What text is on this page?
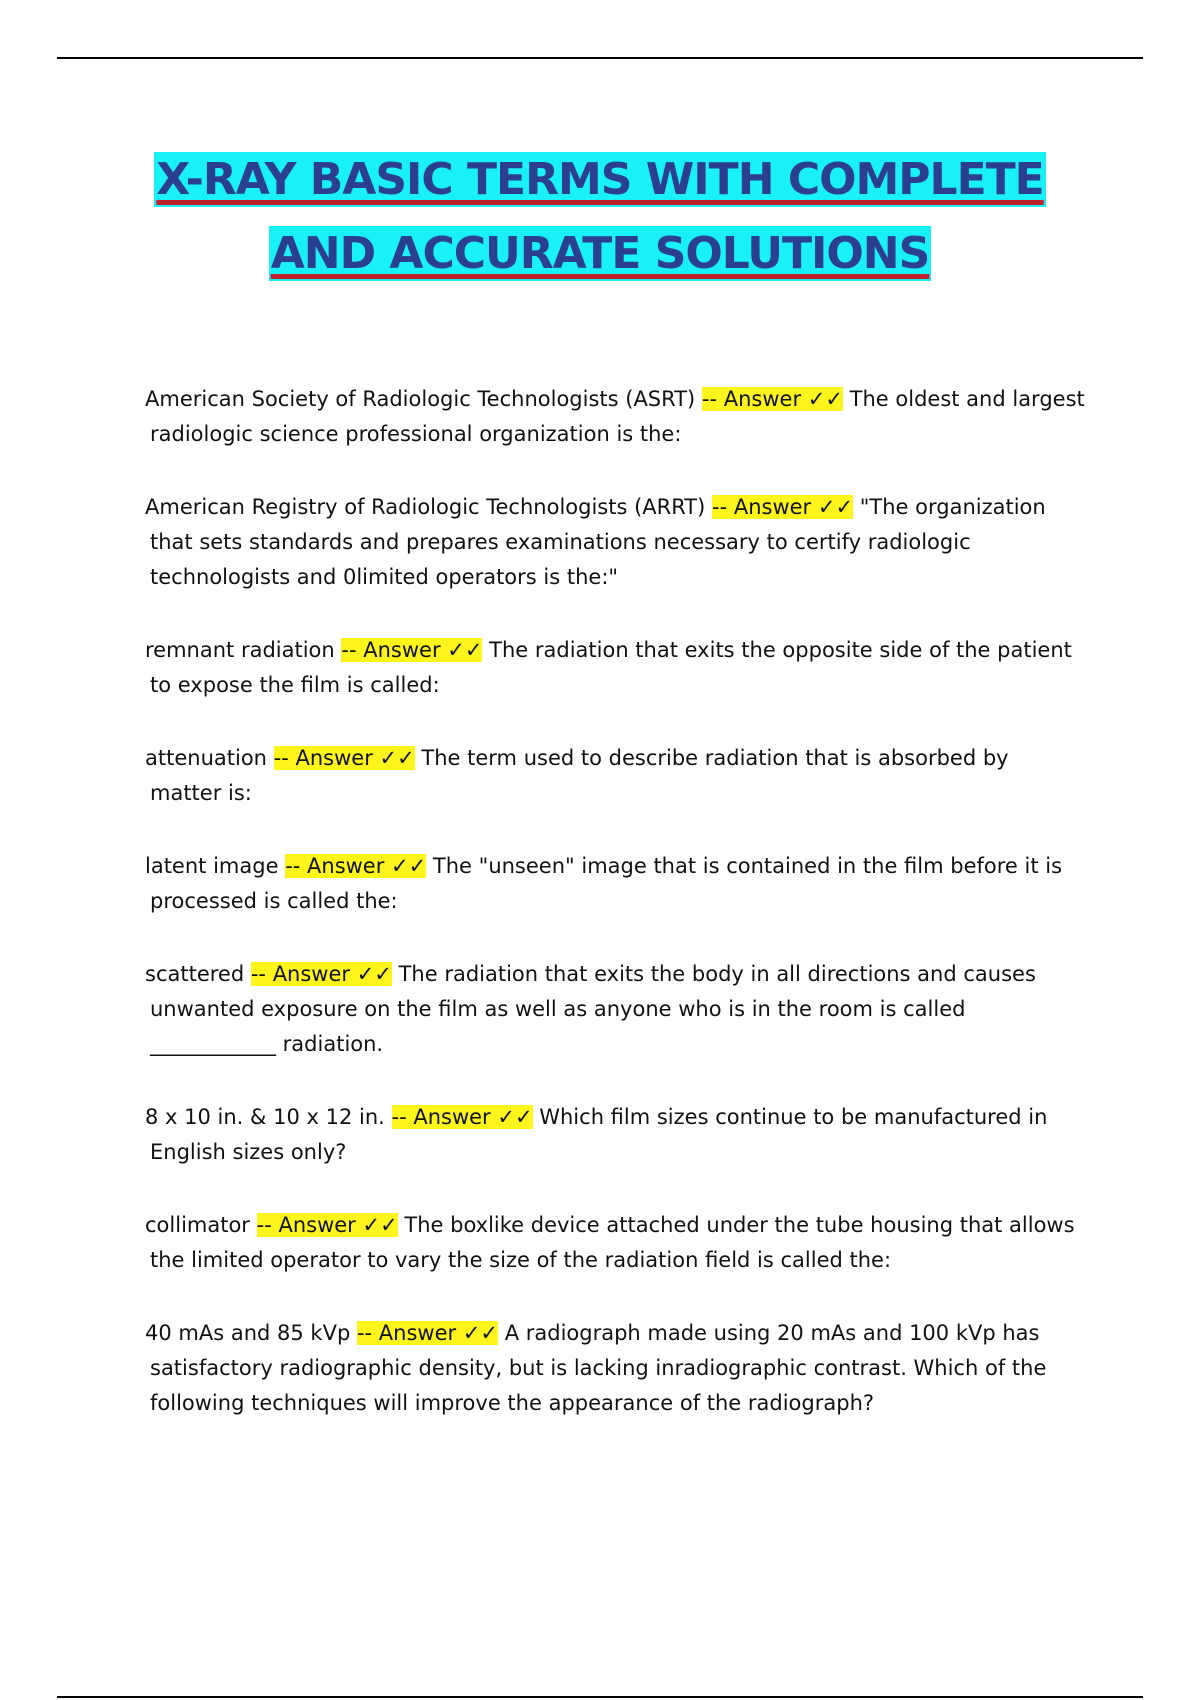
X-RAY BASIC TERMS WITH COMPLETE AND ACCURATE SOLUTIONS

American Society of Radiologic Technologists (ASRT) -- Answer ✓✓ The oldest and largest radiologic science professional organization is the:

American Registry of Radiologic Technologists (ARRT) -- Answer ✓✓ "The organization that sets standards and prepares examinations necessary to certify radiologic technologists and 0limited operators is the:"

remnant radiation -- Answer ✓✓ The radiation that exits the opposite side of the patient to expose the film is called:

attenuation -- Answer ✓✓ The term used to describe radiation that is absorbed by matter is:

latent image -- Answer ✓✓ The "unseen" image that is contained in the film before it is processed is called the:

scattered -- Answer ✓✓ The radiation that exits the body in all directions and causes unwanted exposure on the film as well as anyone who is in the room is called ____________ radiation.

8 x 10 in. & 10 x 12 in. -- Answer ✓✓ Which film sizes continue to be manufactured in English sizes only?

collimator -- Answer ✓✓ The boxlike device attached under the tube housing that allows the limited operator to vary the size of the radiation field is called the:

40 mAs and 85 kVp -- Answer ✓✓ A radiograph made using 20 mAs and 100 kVp has satisfactory radiographic density, but is lacking inradiographic contrast. Which of the following techniques will improve the appearance of the radiograph?
